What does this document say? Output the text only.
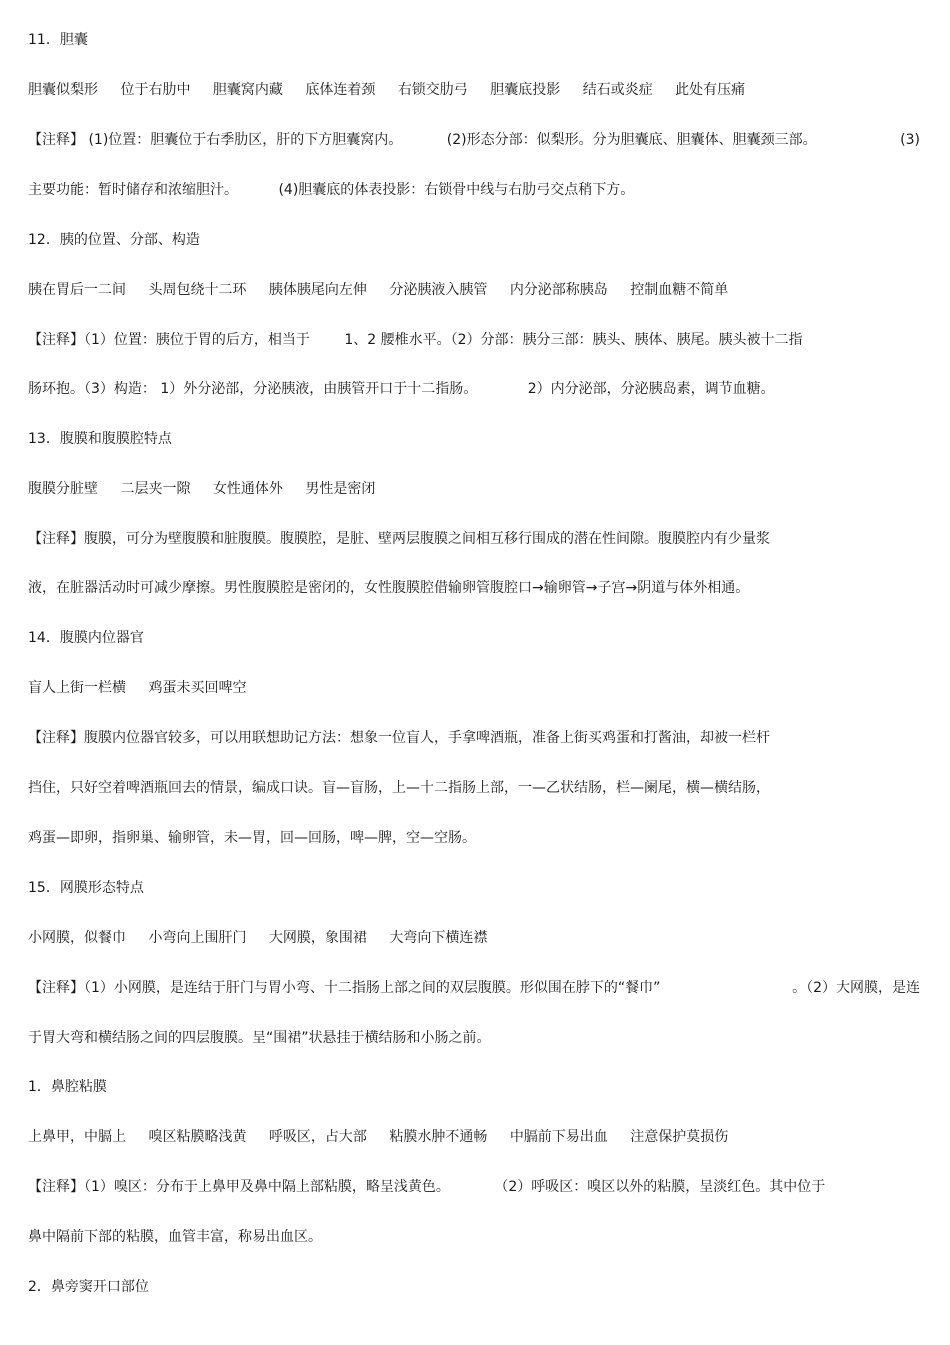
11．胆囊
胆囊似梨形 位于右肋中 胆囊窝内藏 底体连着颈 右锁交肋弓 胆囊底投影 结石或炎症 此处有压痛
【注释】 (1)位置：胆囊位于右季肋区，肝的下方胆囊窝内。	(2)形态分部：似梨形。分为胆囊底、胆囊体、胆囊颈三部。	(3)
主要功能：暂时储存和浓缩胆汁。	(4)胆囊底的体表投影：右锁骨中线与右肋弓交点稍下方。
12．胰的位置、分部、构造
胰在胃后一二间 头周包绕十二环 胰体胰尾向左伸 分泌胰液入胰管 内分泌部称胰岛 控制血糖不简单
【注释】（1）位置：胰位于胃的后方，相当于 1、2 腰椎水平。（2）分部：胰分三部：胰头、胰体、胰尾。胰头被十二指
肠环抱。（3）构造： 1）外分泌部，分泌胰液，由胰管开口于十二指肠。	2）内分泌部，分泌胰岛素，调节血糖。
13．腹膜和腹膜腔特点
腹膜分脏壁 二层夹一隙 女性通体外 男性是密闭
【注释】腹膜，可分为壁腹膜和脏腹膜。腹膜腔，是脏、壁两层腹膜之间相互移行围成的潜在性间隙。腹膜腔内有少量浆
液，在脏器活动时可减少摩擦。男性腹膜腔是密闭的，女性腹膜腔借输卵管腹腔口→输卵管→子宫→阴道与体外相通。
14．腹膜内位器官
盲人上街一栏横 鸡蛋未买回啤空
【注释】腹膜内位器官较多，可以用联想助记方法：想象一位盲人，手拿啤酒瓶，准备上街买鸡蛋和打酱油，却被一栏杆
挡住，只好空着啤酒瓶回去的情景，编成口诀。盲—盲肠，上—十二指肠上部，一—乙状结肠，栏—阑尾，横—横结肠，
鸡蛋—即卵，指卵巢、输卵管，未—胃，回—回肠，啤—脾，空—空肠。
15．网膜形态特点
小网膜，似餐巾 小弯向上围肝门 大网膜，象围裙 大弯向下横连襟
【注释】（1）小网膜，是连结于肝门与胃小弯、十二指肠上部之间的双层腹膜。形似围在脖下的“餐巾”	。（2）大网膜，是连
于胃大弯和横结肠之间的四层腹膜。呈“围裙”状悬挂于横结肠和小肠之前。
1．鼻腔粘膜
上鼻甲，中膈上 嗅区粘膜略浅黄 呼吸区，占大部 粘膜水肿不通畅 中膈前下易出血 注意保护莫损伤
【注释】（1）嗅区：分布于上鼻甲及鼻中隔上部粘膜，略呈浅黄色。	（2）呼吸区：嗅区以外的粘膜，呈淡红色。其中位于
鼻中隔前下部的粘膜，血管丰富，称易出血区。
2．鼻旁窦开口部位
